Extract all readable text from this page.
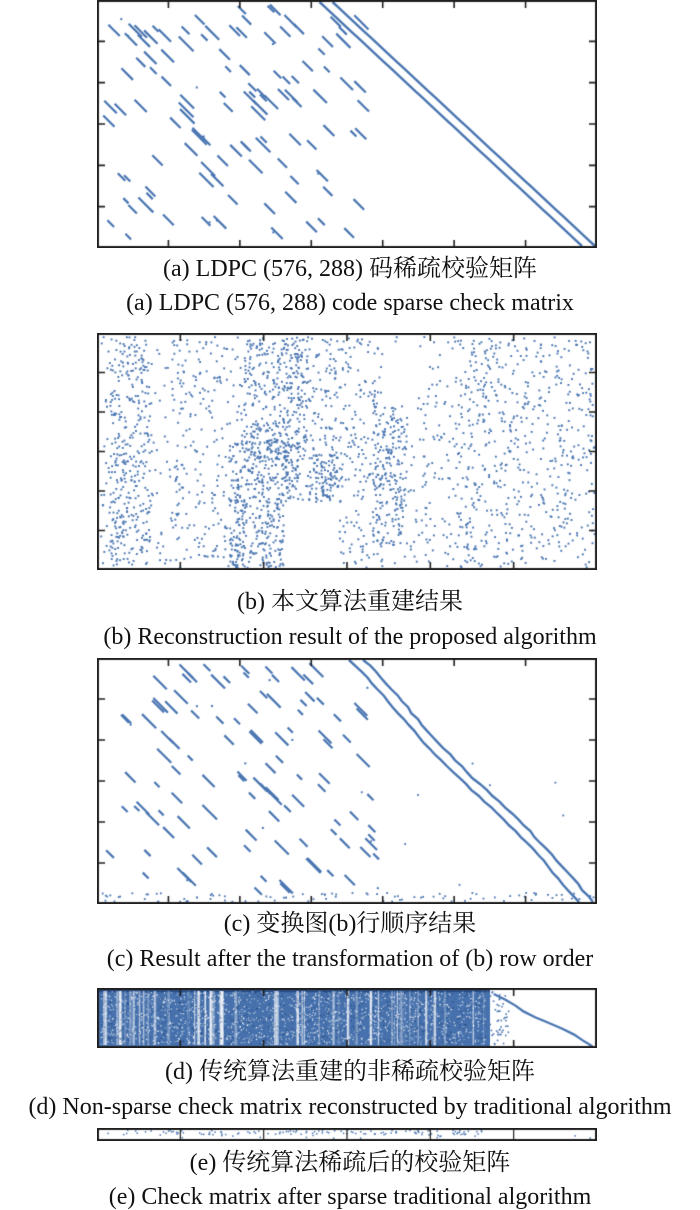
(a) LDPC (576, 288) 码稀疏校验矩阵
(a) LDPC (576, 288) code sparse check matrix
(b) 本文算法重建结果
(b) Reconstruction result of the proposed algorithm
(c) 变换图(b)行顺序结果
(c) Result after the transformation of (b) row order
(d) 传统算法重建的非稀疏校验矩阵
(d) Non-sparse check matrix reconstructed by traditional algorithm
(e) 传统算法稀疏后的校验矩阵
(e) Check matrix after sparse traditional algorithm
